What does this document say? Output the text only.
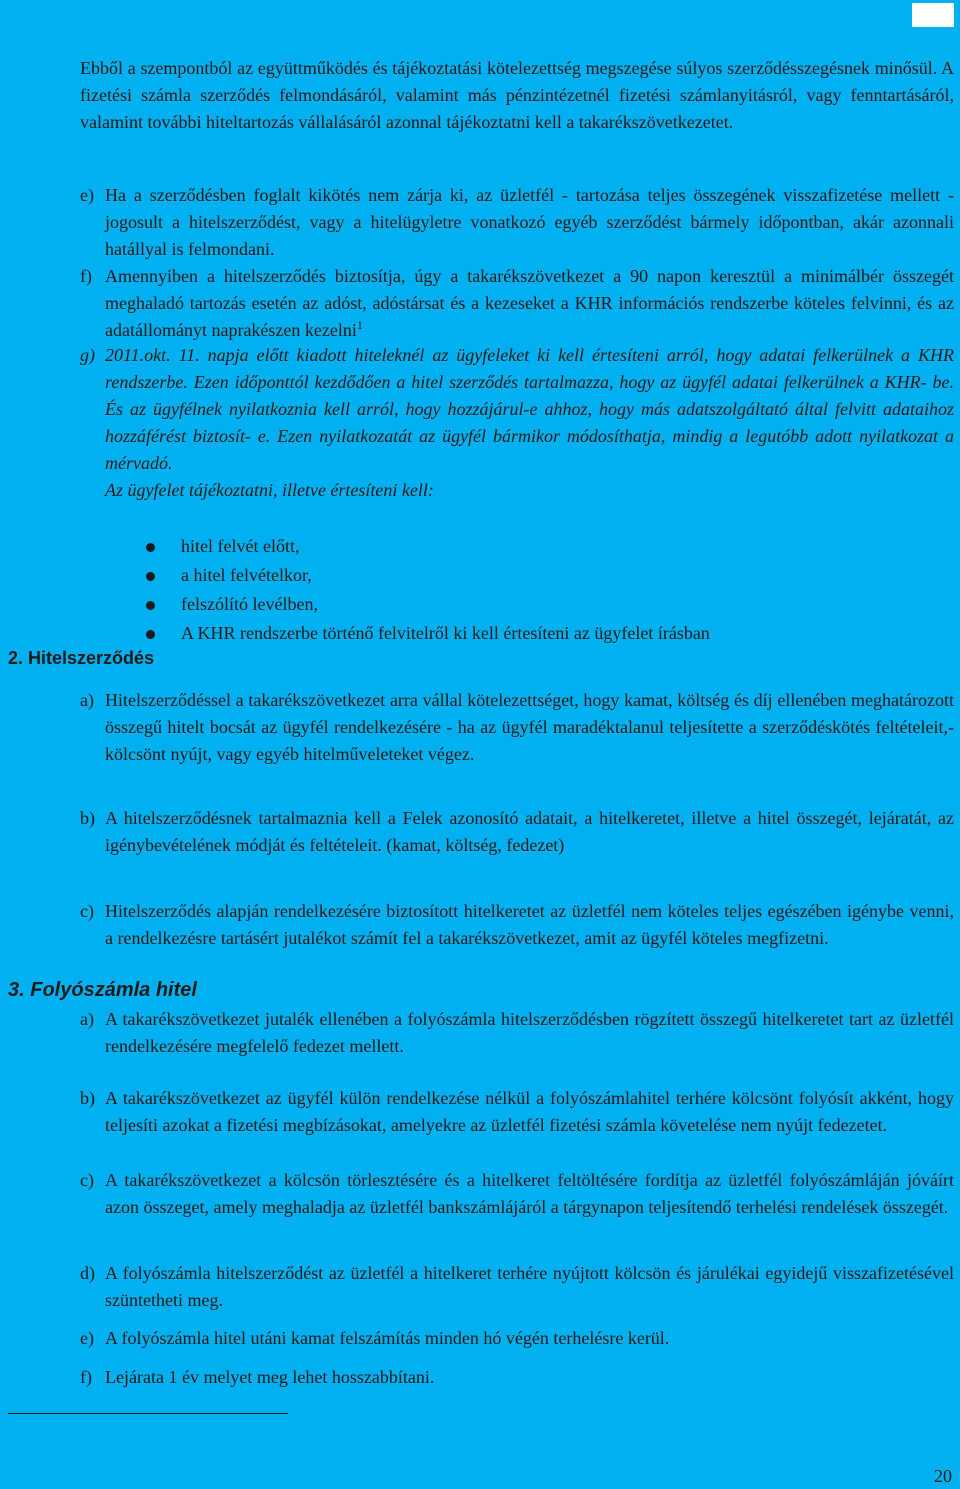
Ebből a szempontból az együttműködés és tájékoztatási kötelezettség megszegése súlyos szerződésszegésnek minősül. A fizetési számla szerződés felmondásáról, valamint más pénzintézetnél fizetési számlanyitásról, vagy fenntartásáról, valamint további hiteltartozás vállalásáról azonnal tájékoztatni kell a takarékszövetkezetet.

e) Ha a szerződésben foglalt kikötés nem zárja ki, az üzletfél - tartozása teljes összegének visszafizetése mellett - jogosult a hitelszerződést, vagy a hitelügyletre vonatkozó egyéb szerződést bármely időpontban, akár azonnali hatállyal is felmondani.
f) Amennyiben a hitelszerződés biztosítja, úgy a takarékszövetkezet a 90 napon keresztül a minimálbér összegét meghaladó tartozás esetén az adóst, adóstársat és a kezeseket a KHR információs rendszerbe köteles felvinni, és az adatállományt naprakészen kezelni$^1$
g) 2011.okt. 11. napja előtt kiadott hiteleknél az ügyfeleket ki kell értesíteni arról, hogy adatai felkerülnek a KHR rendszerbe. Ezen időponttól kezdődően a hitel szerződés tartalmazza, hogy az ügyfél adatai felkerülnek a KHR- be. És az ügyfélnek nyilatkoznia kell arról, hogy hozzájárul-e ahhoz, hogy más adatszolgáltató által felvitt adataihoz hozzáférést biztosít- e. Ezen nyilatkozatát az ügyfél bármikor módosíthatja, mindig a legutóbb adott nyilatkozat a mérvadó.
Az ügyfelet tájékoztatni, illetve értesíteni kell:
hitel felvét előtt,
a hitel felvételkor,
felszólító levélben,
A KHR rendszerbe történő felvitelről ki kell értesíteni az ügyfelet írásban
2. Hitelszerződés
a) Hitelszerződéssel a takarékszövetkezet arra vállal kötelezettséget, hogy kamat, költség és díj ellenében meghatározott összegű hitelt bocsát az ügyfél rendelkezésére - ha az ügyfél maradéktalanul teljesítette a szerződéskötés feltételeit,- kölcsönt nyújt, vagy egyéb hitelműveleteket végez.
b) A hitelszerződésnek tartalmaznia kell a Felek azonosító adatait, a hitelkeretet, illetve a hitel összegét, lejáratát, az igénybevételének módját és feltételeit. (kamat, költség, fedezet)
c) Hitelszerződés alapján rendelkezésére biztosított hitelkeretet az üzletfél nem köteles teljes egészében igénybe venni, a rendelkezésre tartásért jutalékot számít fel a takarékszövetkezet, amit az ügyfél köteles megfizetni.
3. Folyószámla hitel
a) A takarékszövetkezet jutalék ellenében a folyószámla hitelszerződésben rögzített összegű hitelkeretet tart az üzletfél rendelkezésére megfelelő fedezet mellett.
b) A takarékszövetkezet az ügyfél külön rendelkezése nélkül a folyószámlahitel terhére kölcsönt folyósít akként, hogy teljesíti azokat a fizetési megbízásokat, amelyekre az üzletfél fizetési számla követelése nem nyújt fedezetet.
c) A takarékszövetkezet a kölcsön törlesztésére és a hitelkeret feltöltésére fordítja az üzletfél folyószámláján jóváírt azon összeget, amely meghaladja az üzletfél bankszámlájáról a tárgynapon teljesítendő terhelési rendelések összegét.
d) A folyószámla hitelszerződést az üzletfél a hitelkeret terhére nyújtott kölcsön és járulékai egyidejű visszafizetésével szüntetheti meg.
e) A folyószámla hitel utáni kamat felszámítás minden hó végén terhelésre kerül.
f) Lejárata 1 év melyet meg lehet hosszabbítani.
20
